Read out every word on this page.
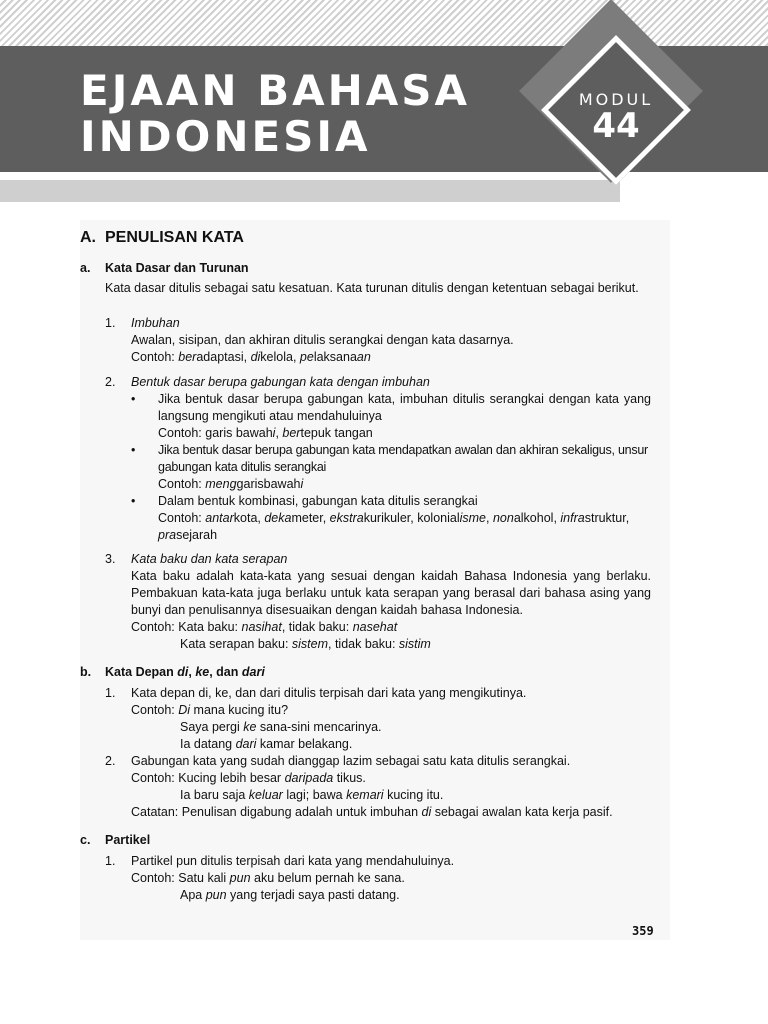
EJAAN BAHASA
INDONESIA
MODUL
44
A. PENULISAN KATA
a. Kata Dasar dan Turunan
Kata dasar ditulis sebagai satu kesatuan. Kata turunan ditulis dengan ketentuan sebagai berikut.
1. Imbuhan
Awalan, sisipan, dan akhiran ditulis serangkai dengan kata dasarnya.
Contoh: beradaptasi, dikelola, pelaksanaan
2. Bentuk dasar berupa gabungan kata dengan imbuhan
• Jika bentuk dasar berupa gabungan kata, imbuhan ditulis serangkai dengan kata yang langsung mengikuti atau mendahuluinya
Contoh: garis bawahi, bertepuk tangan
• Jika bentuk dasar berupa gabungan kata mendapatkan awalan dan akhiran sekaligus, unsur gabungan kata ditulis serangkai
Contoh: menggarisbawahi
• Dalam bentuk kombinasi, gabungan kata ditulis serangkai
Contoh: antarkota, dekameter, ekstrakurikuler, kolonialisme, nonalkohol, infrastruktur,
prasejarah
3. Kata baku dan kata serapan
Kata baku adalah kata-kata yang sesuai dengan kaidah Bahasa Indonesia yang berlaku. Pembakuan kata-kata juga berlaku untuk kata serapan yang berasal dari bahasa asing yang bunyi dan penulisannya disesuaikan dengan kaidah bahasa Indonesia.
Contoh: Kata baku: nasihat, tidak baku: nasehat
Kata serapan baku: sistem, tidak baku: sistim
b. Kata Depan di, ke, dan dari
1. Kata depan di, ke, dan dari ditulis terpisah dari kata yang mengikutinya.
Contoh: Di mana kucing itu?
Saya pergi ke sana-sini mencarinya.
Ia datang dari kamar belakang.
2. Gabungan kata yang sudah dianggap lazim sebagai satu kata ditulis serangkai.
Contoh: Kucing lebih besar daripada tikus.
Ia baru saja keluar lagi; bawa kemari kucing itu.
Catatan: Penulisan digabung adalah untuk imbuhan di sebagai awalan kata kerja pasif.
c. Partikel
1. Partikel pun ditulis terpisah dari kata yang mendahuluinya.
Contoh: Satu kali pun aku belum pernah ke sana.
Apa pun yang terjadi saya pasti datang.
359
